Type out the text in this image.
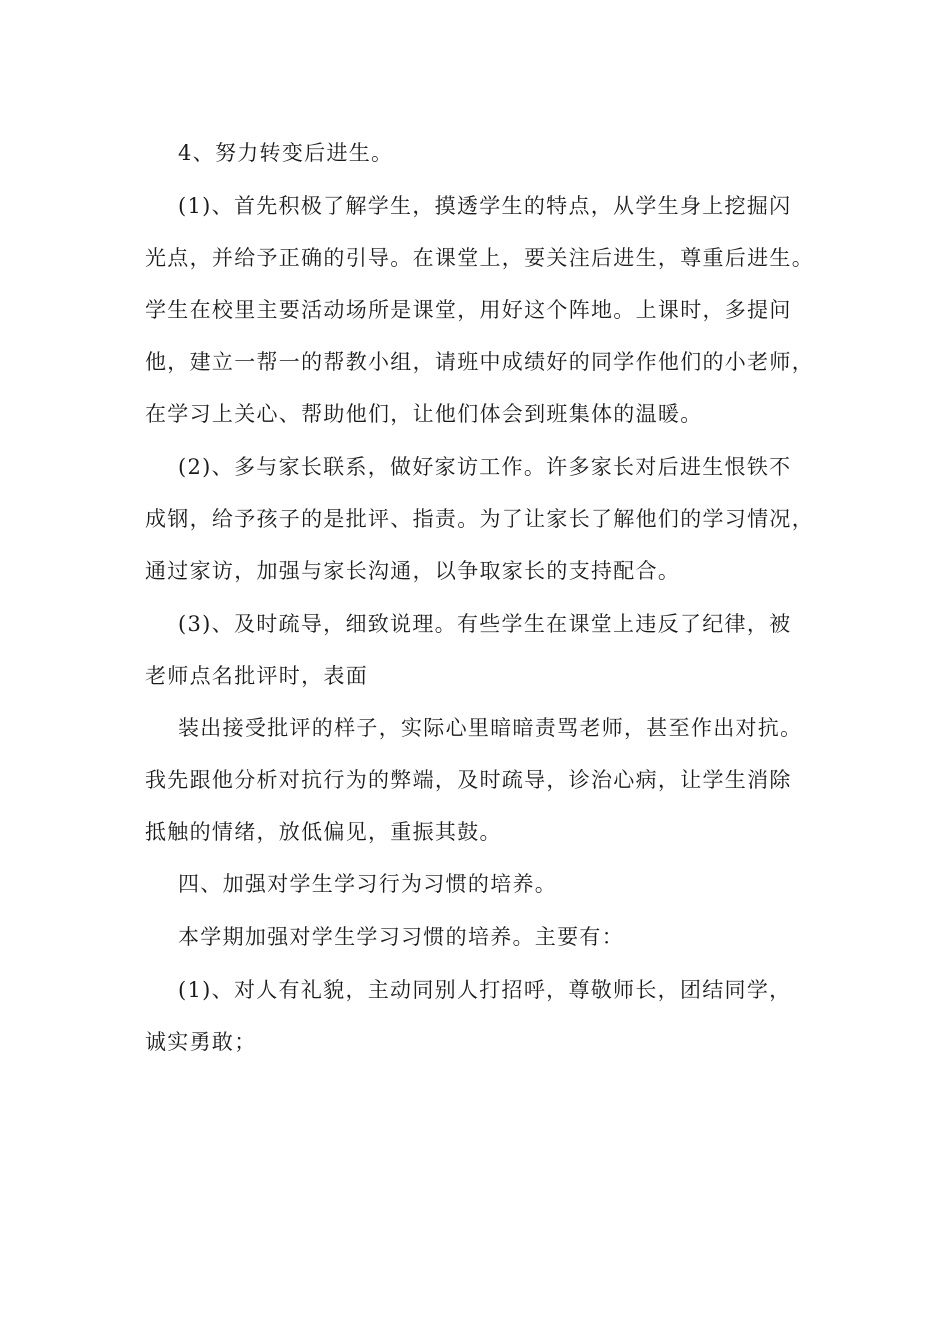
4、努力转变后进生。
(1)、首先积极了解学生，摸透学生的特点，从学生身上挖掘闪
光点，并给予正确的引导。在课堂上，要关注后进生，尊重后进生。
学生在校里主要活动场所是课堂，用好这个阵地。上课时，多提问
他，建立一帮一的帮教小组，请班中成绩好的同学作他们的小老师，
在学习上关心、帮助他们，让他们体会到班集体的温暖。
(2)、多与家长联系，做好家访工作。许多家长对后进生恨铁不
成钢，给予孩子的是批评、指责。为了让家长了解他们的学习情况，
通过家访，加强与家长沟通，以争取家长的支持配合。
(3)、及时疏导，细致说理。有些学生在课堂上违反了纪律，被
老师点名批评时，表面
装出接受批评的样子，实际心里暗暗责骂老师，甚至作出对抗。
我先跟他分析对抗行为的弊端，及时疏导，诊治心病，让学生消除
抵触的情绪，放低偏见，重振其鼓。
四、加强对学生学习行为习惯的培养。
本学期加强对学生学习习惯的培养。主要有：
(1)、对人有礼貌，主动同别人打招呼，尊敬师长，团结同学，
诚实勇敢；
